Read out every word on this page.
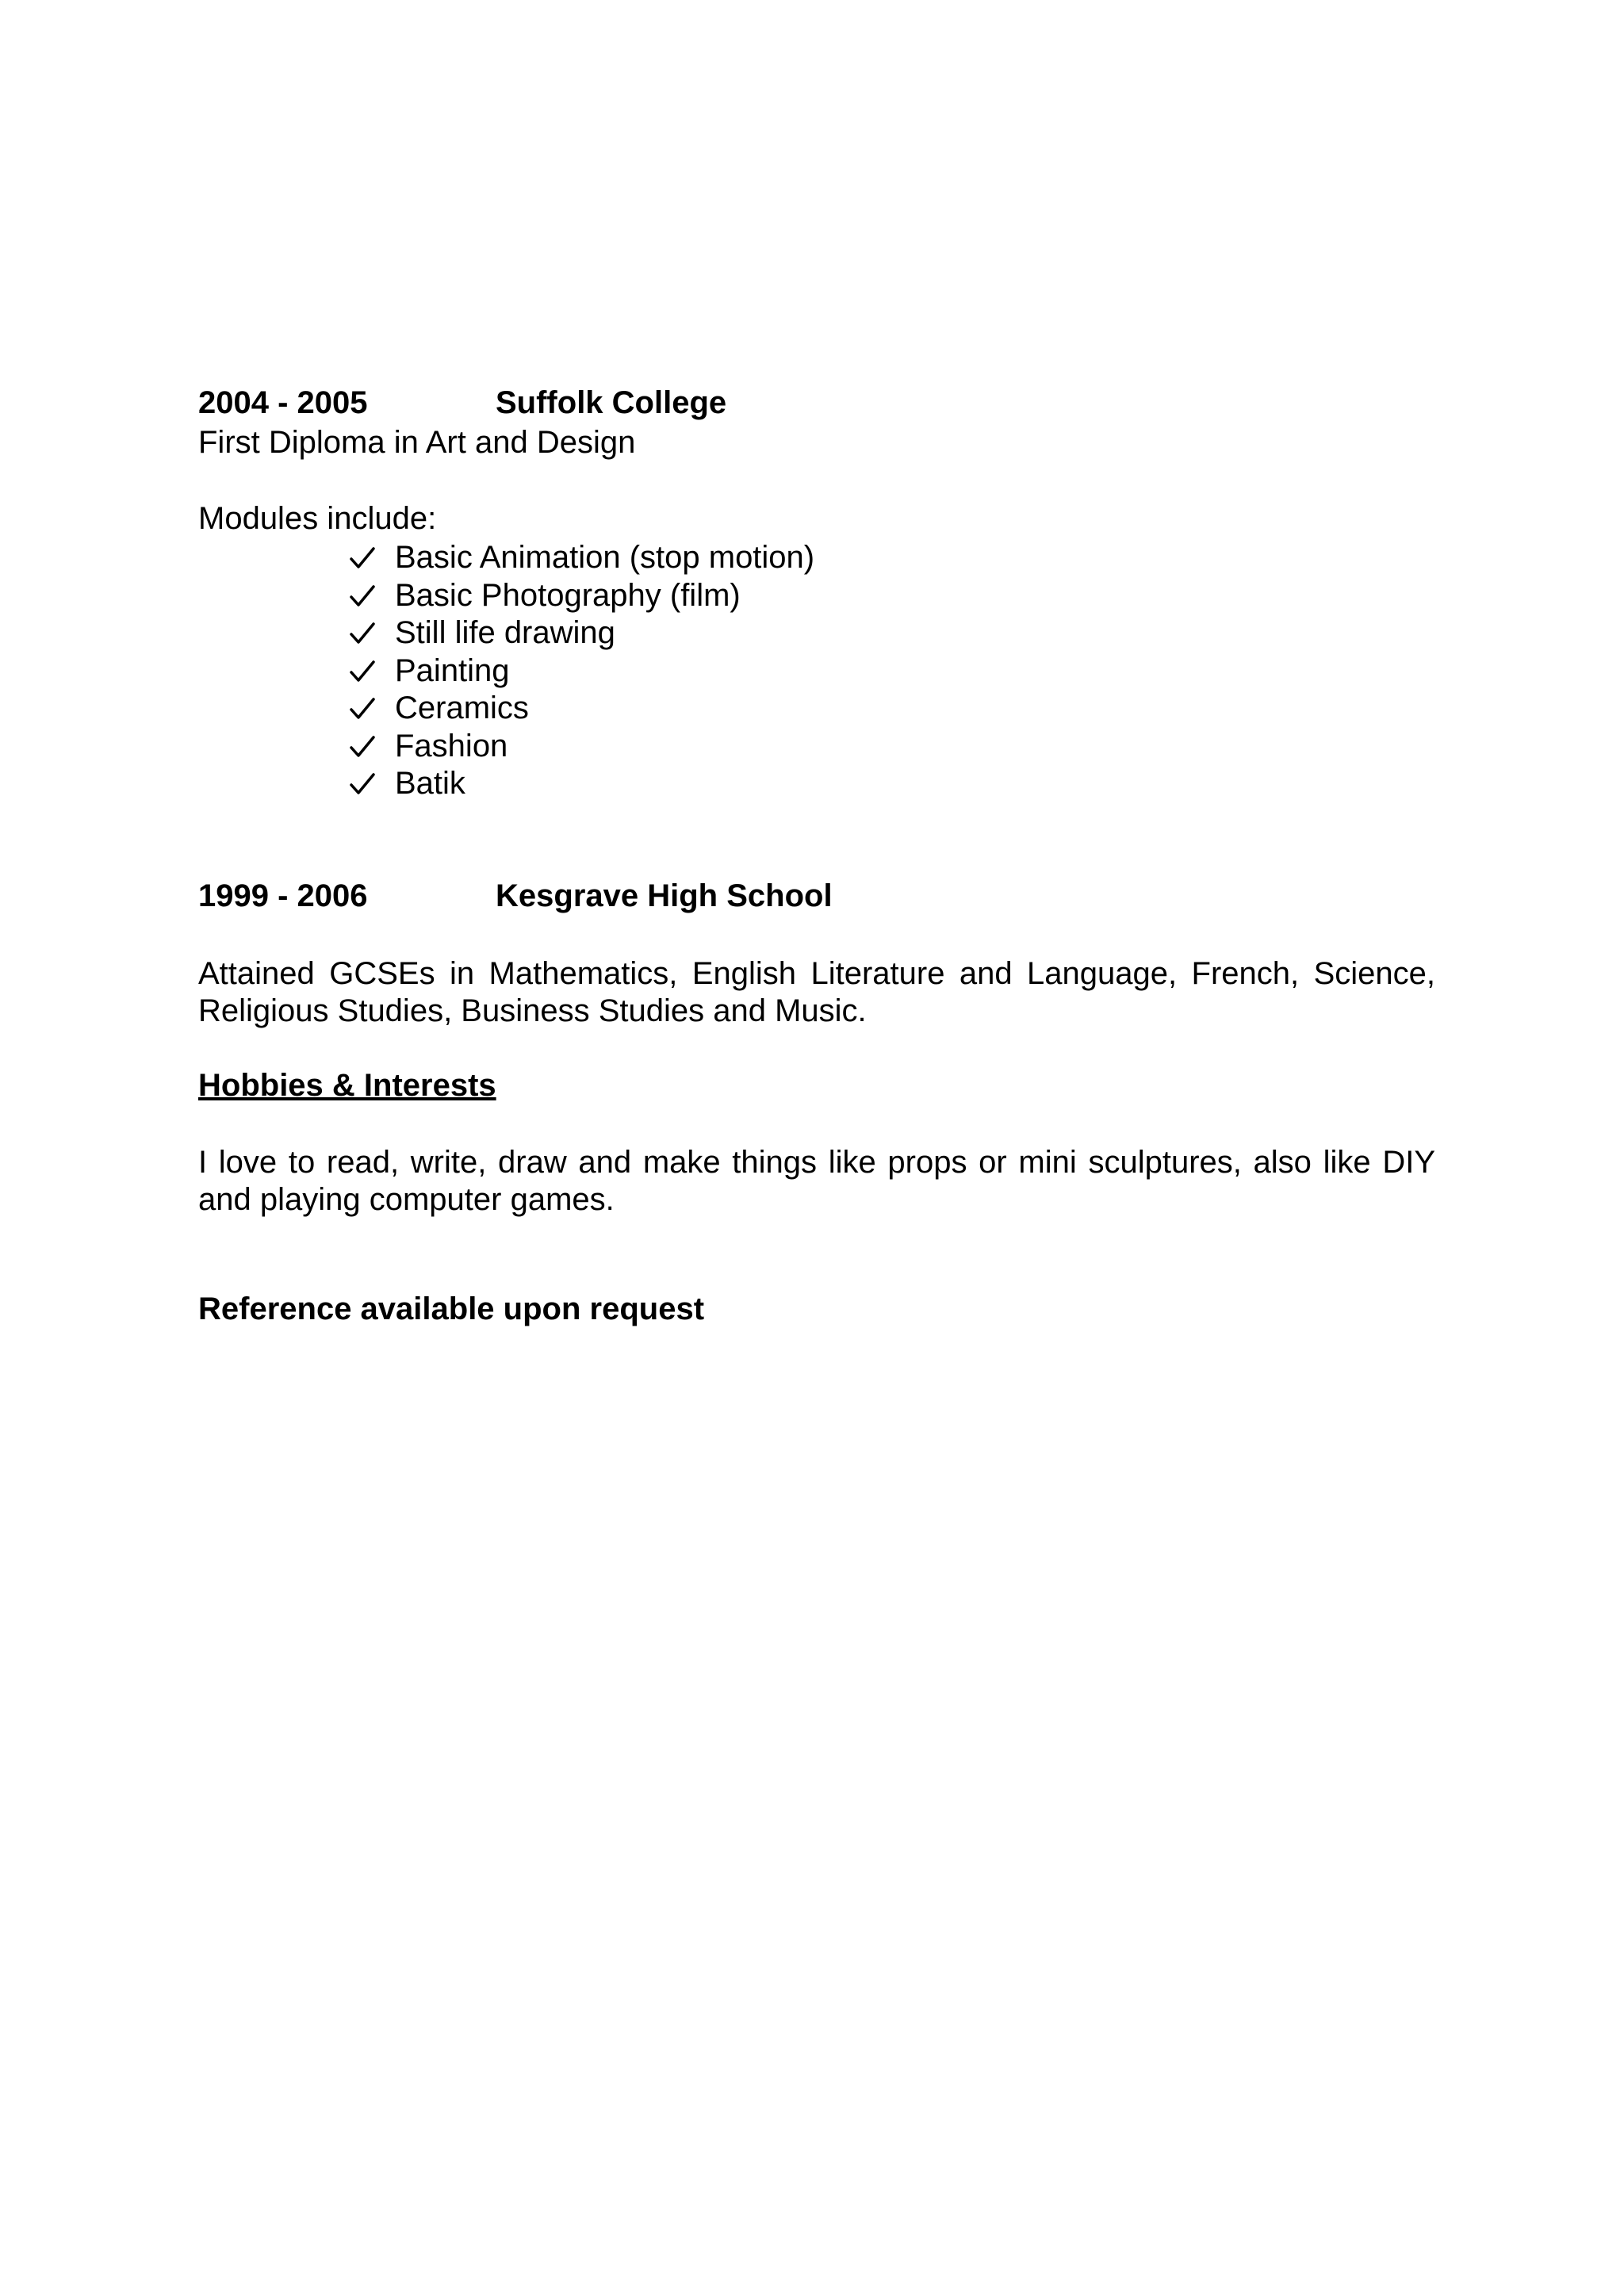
2004 - 2005	Suffolk College
First Diploma in Art and Design
Modules include:
Basic Animation (stop motion)
Basic Photography (film)
Still life drawing
Painting
Ceramics
Fashion
Batik
1999 - 2006	Kesgrave High School
Attained GCSEs in Mathematics, English Literature and Language, French, Science, Religious Studies, Business Studies and Music.
Hobbies & Interests
I love to read, write, draw and make things like props or mini sculptures, also like DIY and playing computer games.
Reference available upon request
